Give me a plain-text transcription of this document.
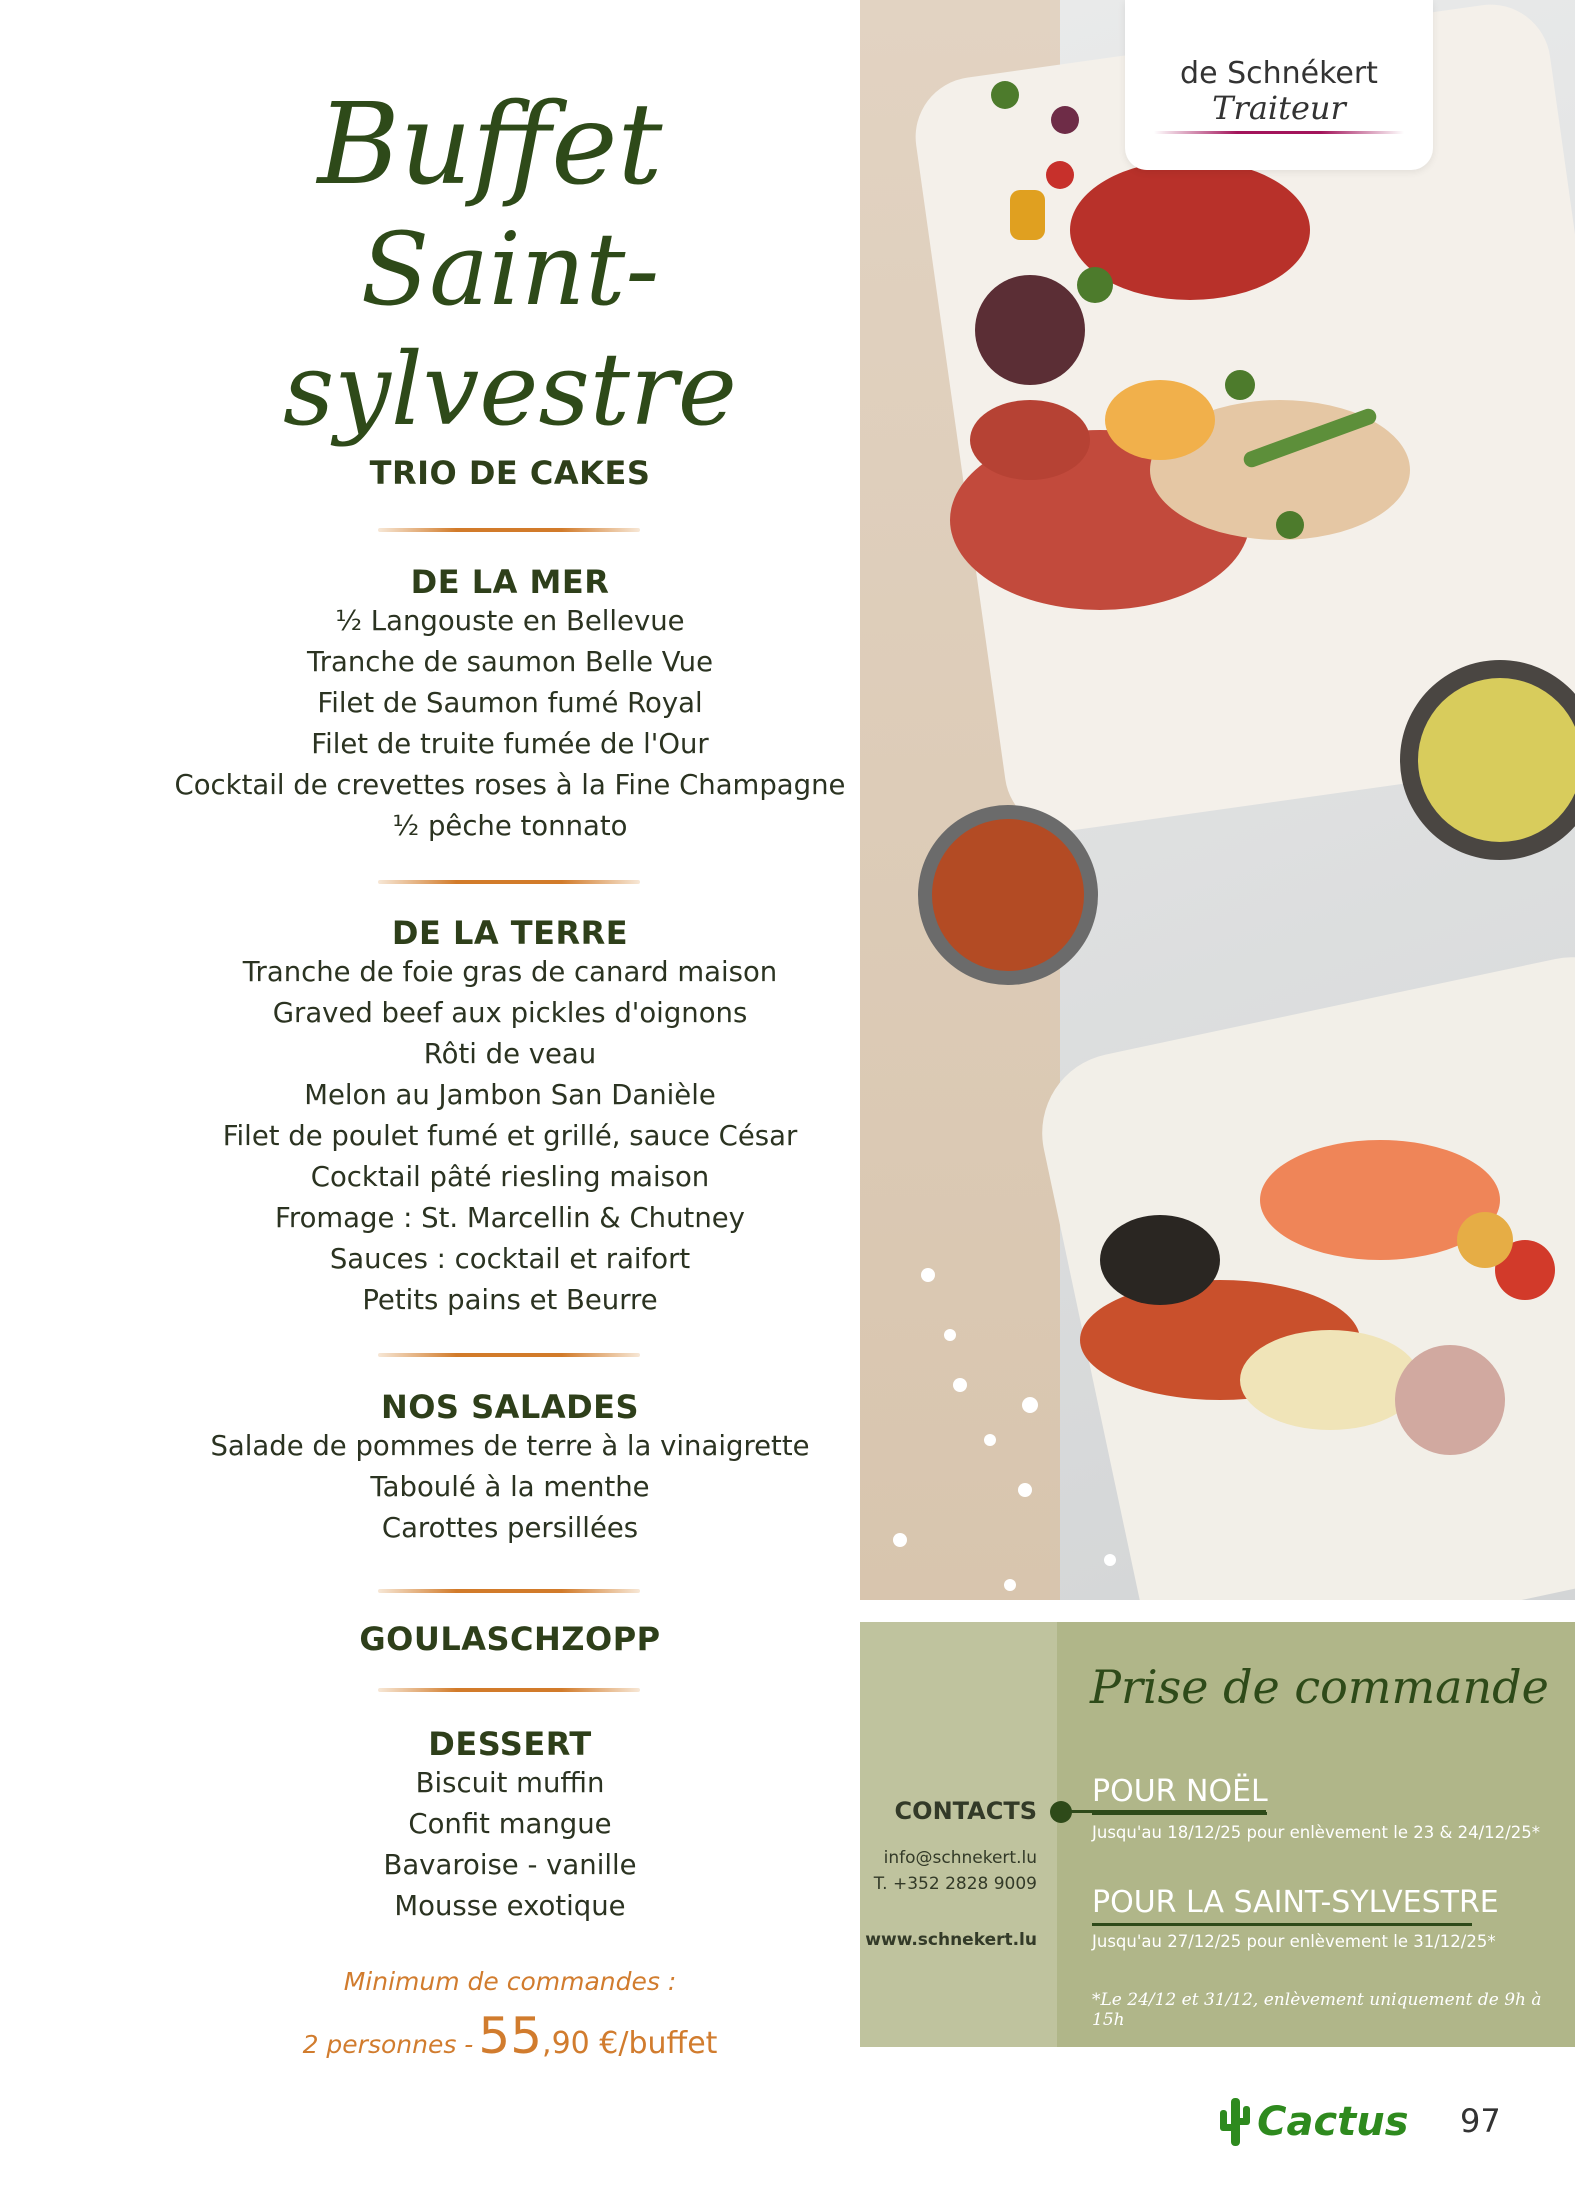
Buffet
Saint-sylvestre
TRIO DE CAKES
DE LA MER
½ Langouste en Bellevue
Tranche de saumon Belle Vue
Filet de Saumon fumé Royal
Filet de truite fumée de l'Our
Cocktail de crevettes roses à la Fine Champagne
½ pêche tonnato
DE LA TERRE
Tranche de foie gras de canard maison
Graved beef aux pickles d'oignons
Rôti de veau
Melon au Jambon San Danièle
Filet de poulet fumé et grillé, sauce César
Cocktail pâté riesling maison
Fromage : St. Marcellin & Chutney
Sauces : cocktail et raifort
Petits pains et Beurre
NOS SALADES
Salade de pommes de terre à la vinaigrette
Taboulé à la menthe
Carottes persillées
GOULASCHZOPP
DESSERT
Biscuit muffin
Confit mangue
Bavaroise - vanille
Mousse exotique
Minimum de commandes :
2 personnes - 55,90 €/buffet
de Schnékert
Traiteur
CONTACTS
info@schnekert.lu
T. +352 2828 9009
www.schnekert.lu
Prise de commande
POUR NOËL
Jusqu'au 18/12/25 pour enlèvement le 23 & 24/12/25*
POUR LA SAINT-SYLVESTRE
Jusqu'au 27/12/25 pour enlèvement le 31/12/25*
*Le 24/12 et 31/12, enlèvement uniquement de 9h à 15h
Cactus 97
